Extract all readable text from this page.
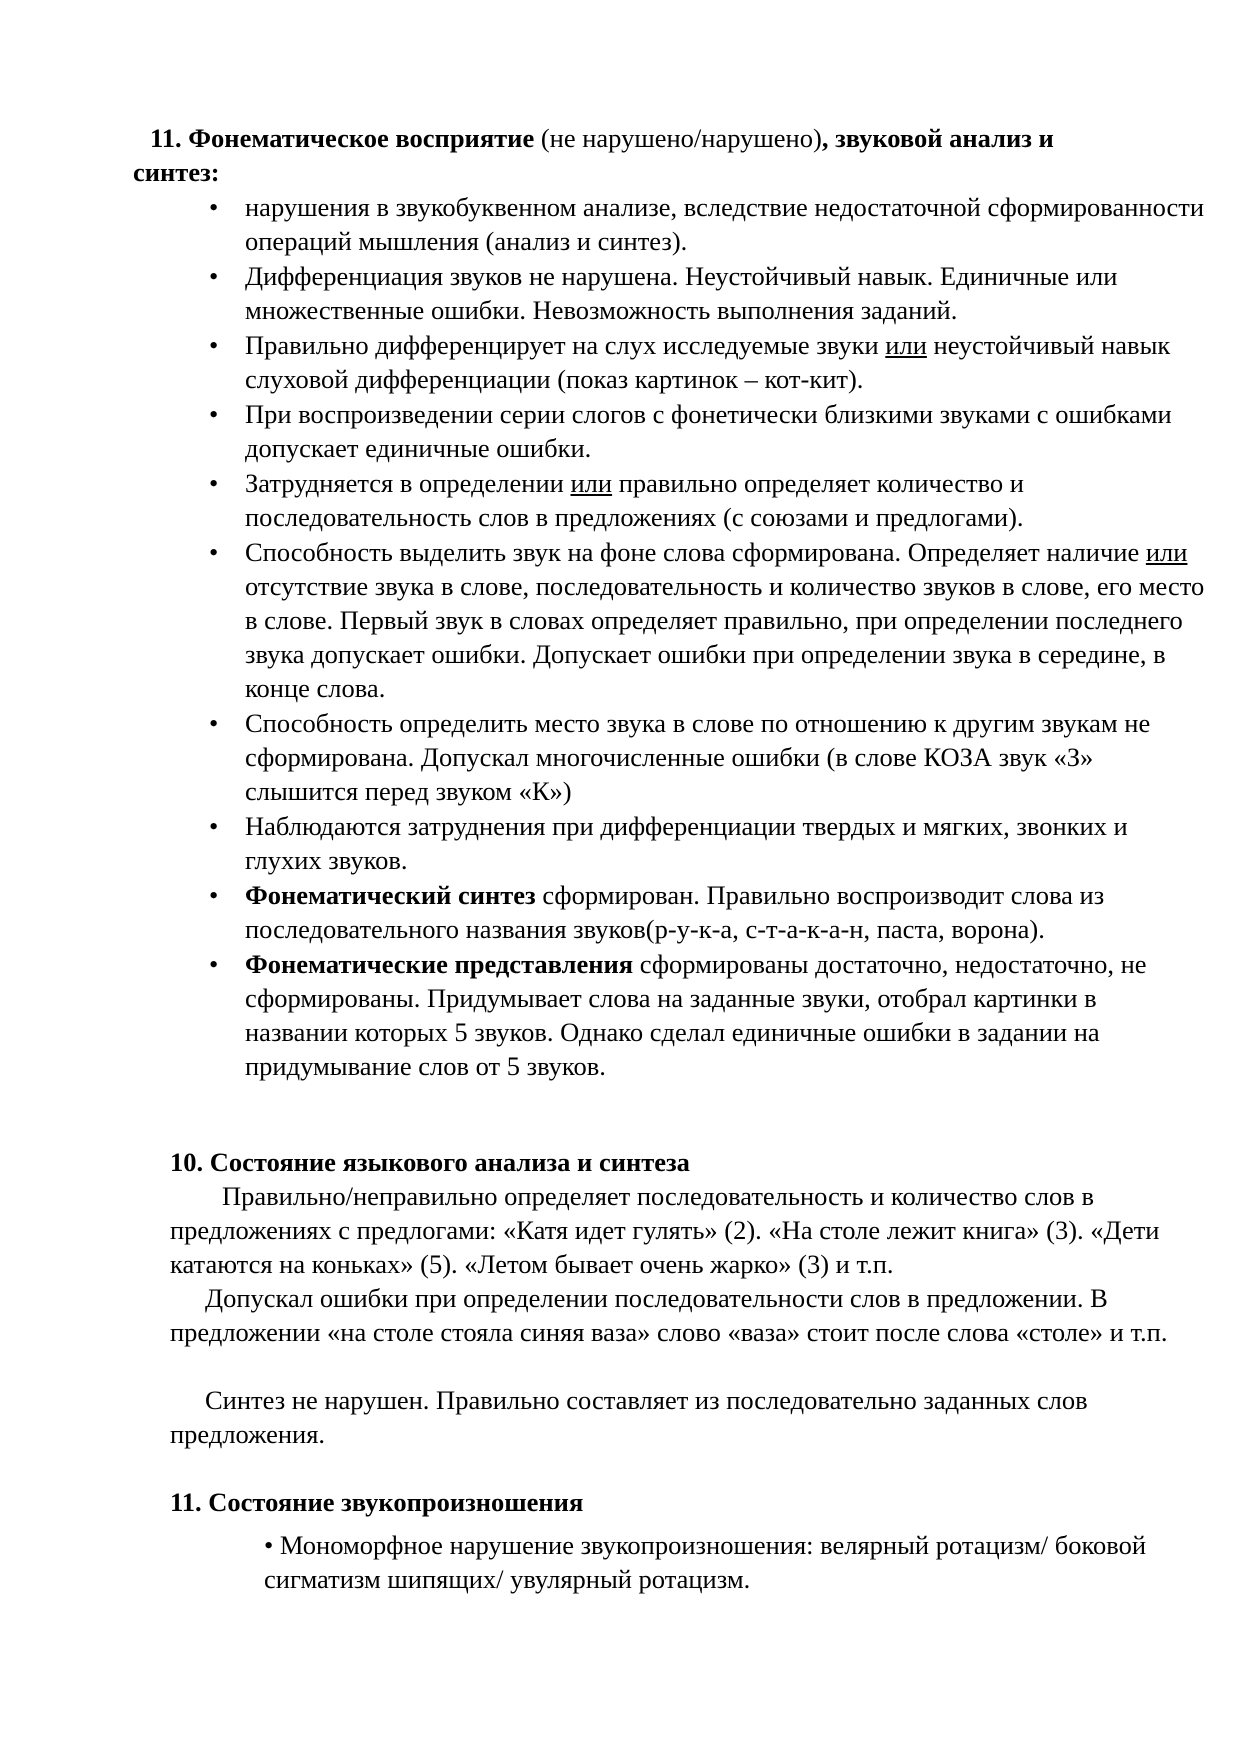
11. Фонематическое восприятие (не нарушено/нарушено), звуковой анализ и

синтез:

• нарушения в звукобуквенном анализе, вследствие недостаточной сформированности операций мышления (анализ и синтез).
• Дифференциация звуков не нарушена. Неустойчивый навык. Единичные или множественные ошибки. Невозможность выполнения заданий.
• Правильно дифференцирует на слух исследуемые звуки или неустойчивый навык слуховой дифференциации (показ картинок – кот-кит).
• При воспроизведении серии слогов с фонетически близкими звуками с ошибками допускает единичные ошибки.
• Затрудняется в определении или правильно определяет количество и последовательность слов в предложениях (с союзами и предлогами).
• Способность выделить звук на фоне слова сформирована. Определяет наличие или отсутствие звука в слове, последовательность и количество звуков в слове, его место в слове. Первый звук в словах определяет правильно, при определении последнего звука допускает ошибки. Допускает ошибки при определении звука в середине, в конце слова.
• Способность определить место звука в слове по отношению к другим звукам не сформирована. Допускал многочисленные ошибки (в слове КОЗА звук «З» слышится перед звуком «К»)
• Наблюдаются затруднения при дифференциации твердых и мягких, звонких и глухих звуков.
• Фонематический синтез сформирован. Правильно воспроизводит слова из последовательного названия звуков(р-у-к-а, с-т-а-к-а-н, паста, ворона).
• Фонематические представления сформированы достаточно, недостаточно, не сформированы. Придумывает слова на заданные звуки, отобрал картинки в названии которых 5 звуков. Однако сделал единичные ошибки в задании на придумывание слов от 5 звуков.

10. Состояние языкового анализа и синтеза

Правильно/неправильно определяет последовательность и количество слов в предложениях с предлогами: «Катя идет гулять» (2). «На столе лежит книга» (3). «Дети катаются на коньках» (5). «Летом бывает очень жарко» (3) и т.п.

Допускал ошибки при определении последовательности слов в предложении. В предложении «на столе стояла синяя ваза» слово «ваза» стоит после слова «столе» и т.п.

Синтез не нарушен. Правильно составляет из последовательно заданных слов предложения.

11. Состояние звукопроизношения

• Мономорфное нарушение звукопроизношения: велярный ротацизм/ боковой сигматизм шипящих/ увулярный ротацизм.
